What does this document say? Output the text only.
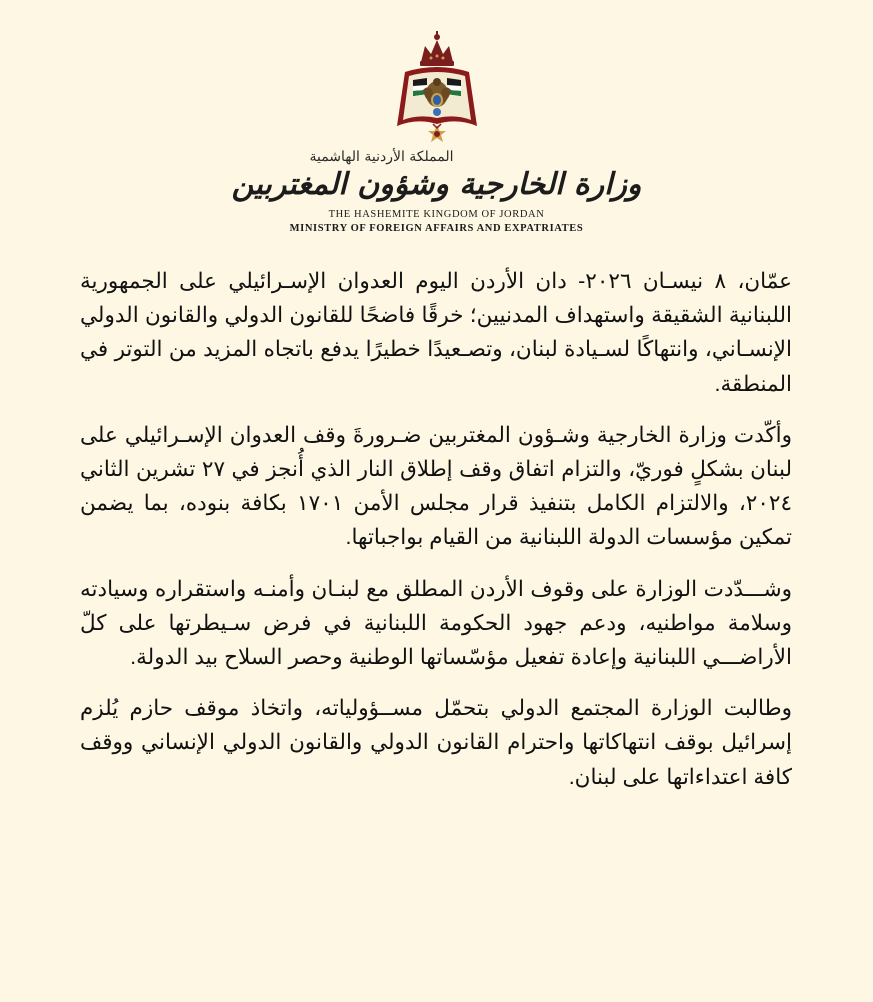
المملكة الأردنية الهاشمية
وزارة الخارجية وشؤون المغتربين
THE HASHEMITE KINGDOM OF JORDAN
MINISTRY OF FOREIGN AFFAIRS AND EXPATRIATES

عمّان، ٨ نيسـان ٢٠٢٦- دان الأردن اليوم العدوان الإسـرائيلي على الجمهورية اللبنانية الشقيقة واستهداف المدنيين؛ خرقًا فاضحًا للقانون الدولي والقانون الدولي الإنسـاني، وانتهاكًا لسـيادة لبنان، وتصـعيدًا خطيرًا يدفع باتجاه المزيد من التوتر في المنطقة.

وأكّدت وزارة الخارجية وشـؤون المغتربين ضـرورةَ وقف العدوان الإسـرائيلي على لبنان بشكلٍ فوريّ، والتزام اتفاق وقف إطلاق النار الذي أُنجز في ٢٧ تشرين الثاني ٢٠٢٤، والالتزام الكامل بتنفيذ قرار مجلس الأمن ١٧٠١ بكافة بنوده، بما يضمن تمكين مؤسسات الدولة اللبنانية من القيام بواجباتها.

وشـــدّدت الوزارة على وقوف الأردن المطلق مع لبنـان وأمنـه واستقراره وسيادته وسلامة مواطنيه، ودعم جهود الحكومة اللبنانية في فرض سـيطرتها على كلّ الأراضـــي اللبنانية وإعادة تفعيل مؤسّساتها الوطنية وحصر السلاح بيد الدولة.

وطالبت الوزارة المجتمع الدولي بتحمّل مســؤولياته، واتخاذ موقف حازم يُلزم إسرائيل بوقف انتهاكاتها واحترام القانون الدولي والقانون الدولي الإنساني ووقف كافة اعتداءاتها على لبنان.
